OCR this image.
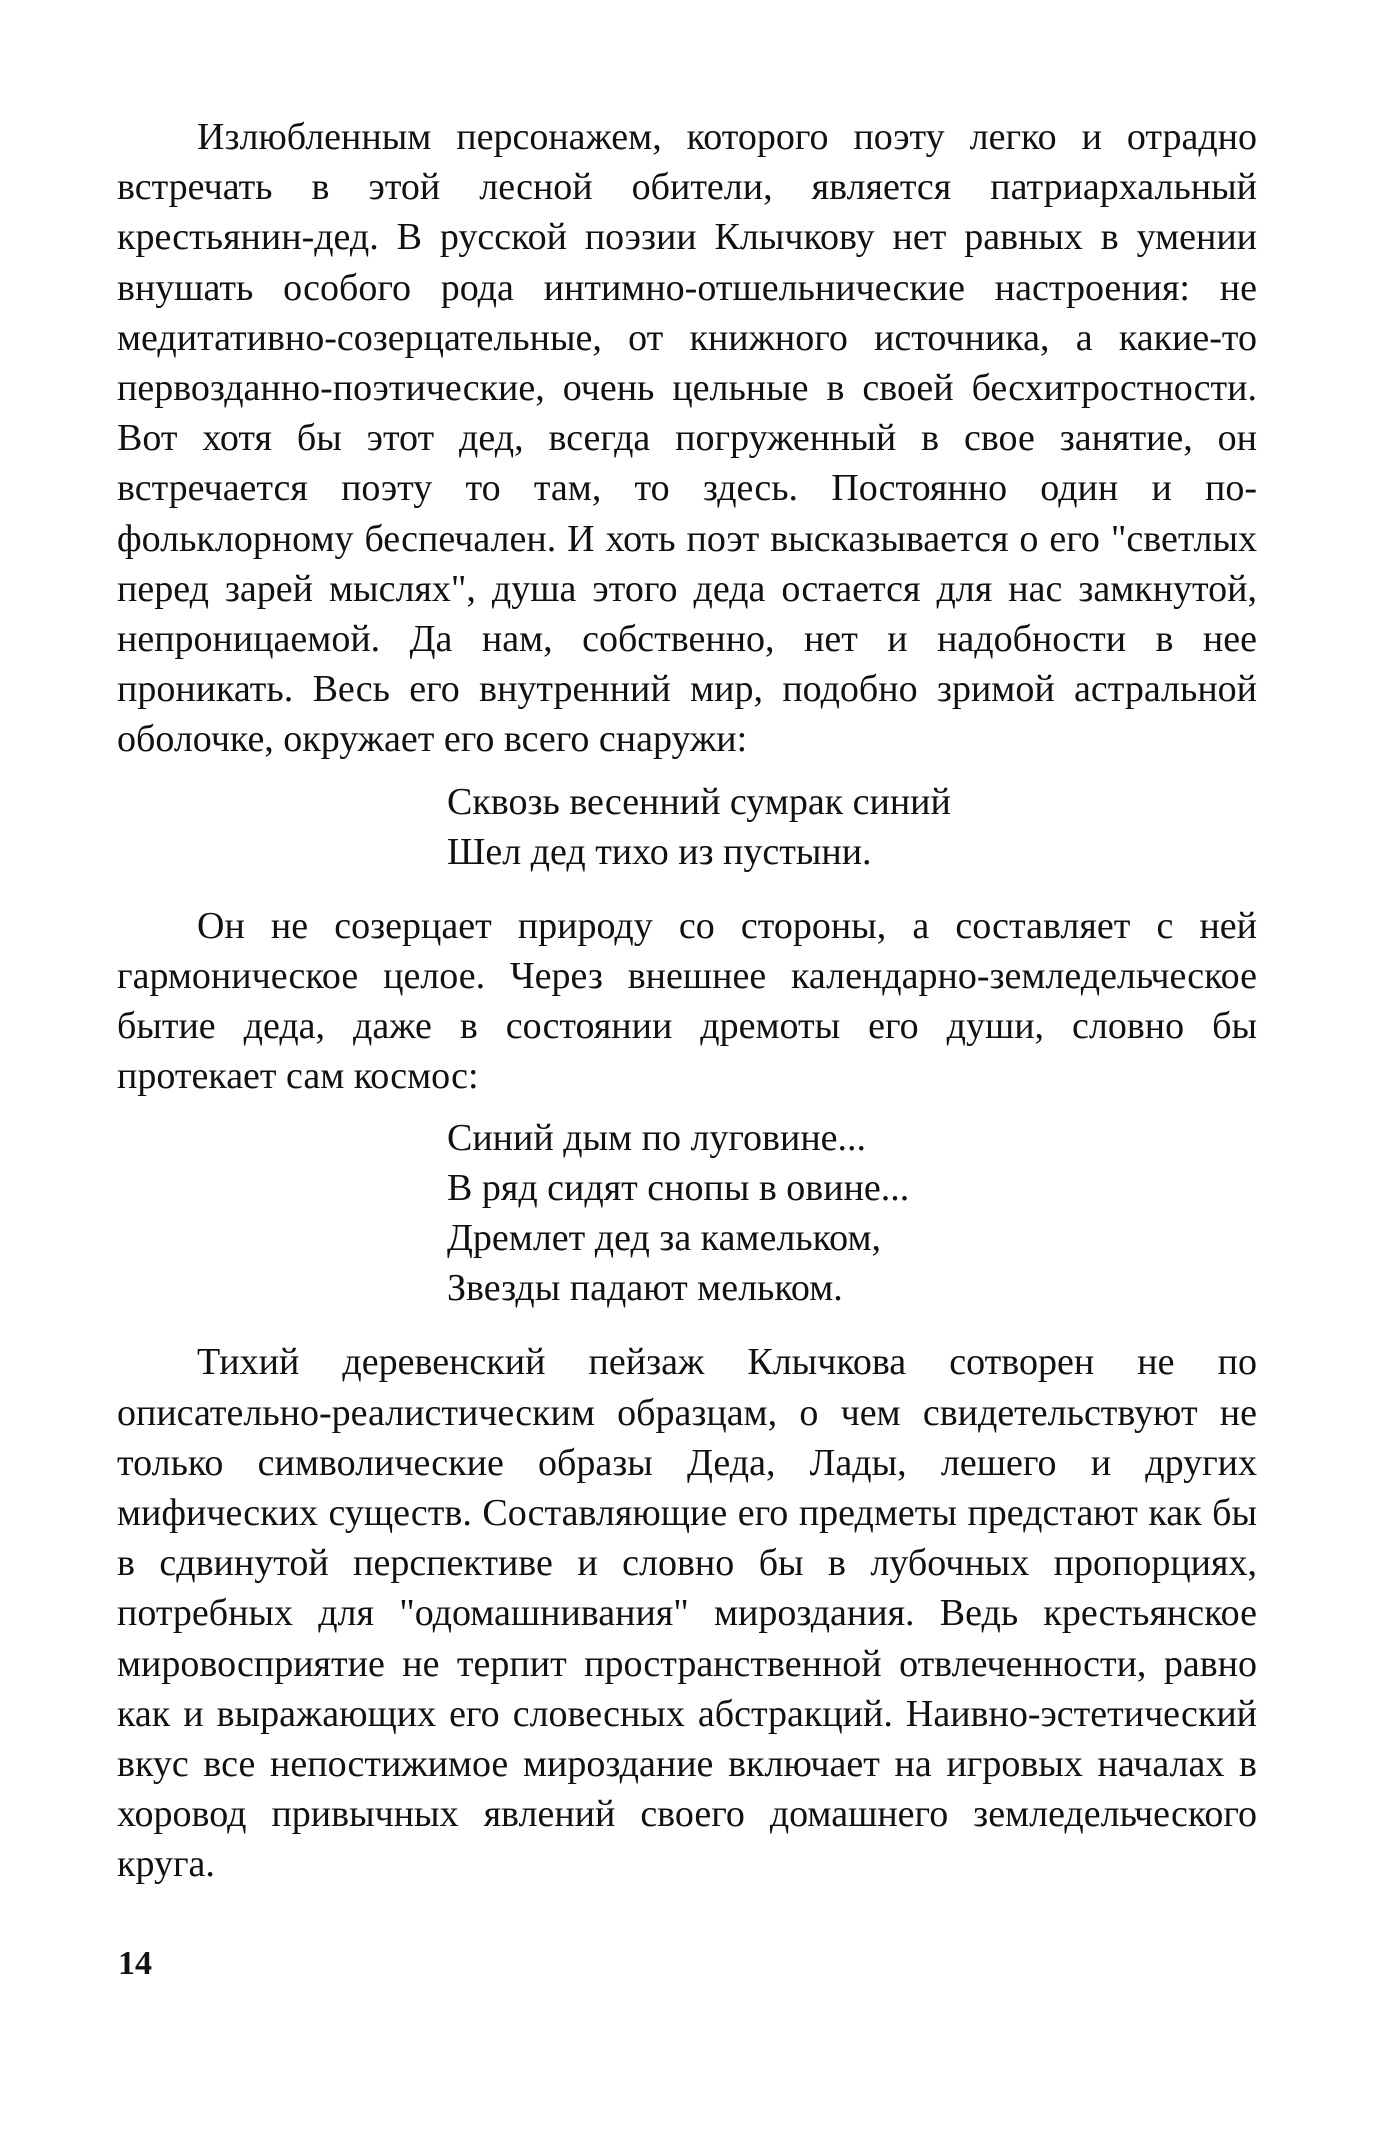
Излюбленным персонажем, которого поэту легко и отрадно встречать в этой лесной обители, является патриархальный крестьянин-дед. В русской поэзии Клычкову нет равных в умении внушать особого рода интимно-отшельнические настроения: не медитативно-созерцательные, от книжного источника, а какие-то первозданно-поэтические, очень цельные в своей бесхитростности. Вот хотя бы этот дед, всегда погруженный в свое занятие, он встречается поэту то там, то здесь. Постоянно один и по-фольклорному беспечален. И хоть поэт высказывается о его "светлых перед зарей мыслях", душа этого деда остается для нас замкнутой, непроницаемой. Да нам, собственно, нет и надобности в нее проникать. Весь его внутренний мир, подобно зримой астральной оболочке, окружает его всего снаружи:

Сквозь весенний сумрак синий
Шел дед тихо из пустыни.

Он не созерцает природу со стороны, а составляет с ней гармоническое целое. Через внешнее календарно-земледельческое бытие деда, даже в состоянии дремоты его души, словно бы протекает сам космос:

Синий дым по луговине...
В ряд сидят снопы в овине...
Дремлет дед за камельком,
Звезды падают мельком.

Тихий деревенский пейзаж Клычкова сотворен не по описательно-реалистическим образцам, о чем свидетельствуют не только символические образы Деда, Лады, лешего и других мифических существ. Составляющие его предметы предстают как бы в сдвинутой перспективе и словно бы в лубочных пропорциях, потребных для "одомашнивания" мироздания. Ведь крестьянское мировосприятие не терпит пространственной отвлеченности, равно как и выражающих его словесных абстракций. Наивно-эстетический вкус все непостижимое мироздание включает на игровых началах в хоровод привычных явлений своего домашнего земледельческого круга.

14
